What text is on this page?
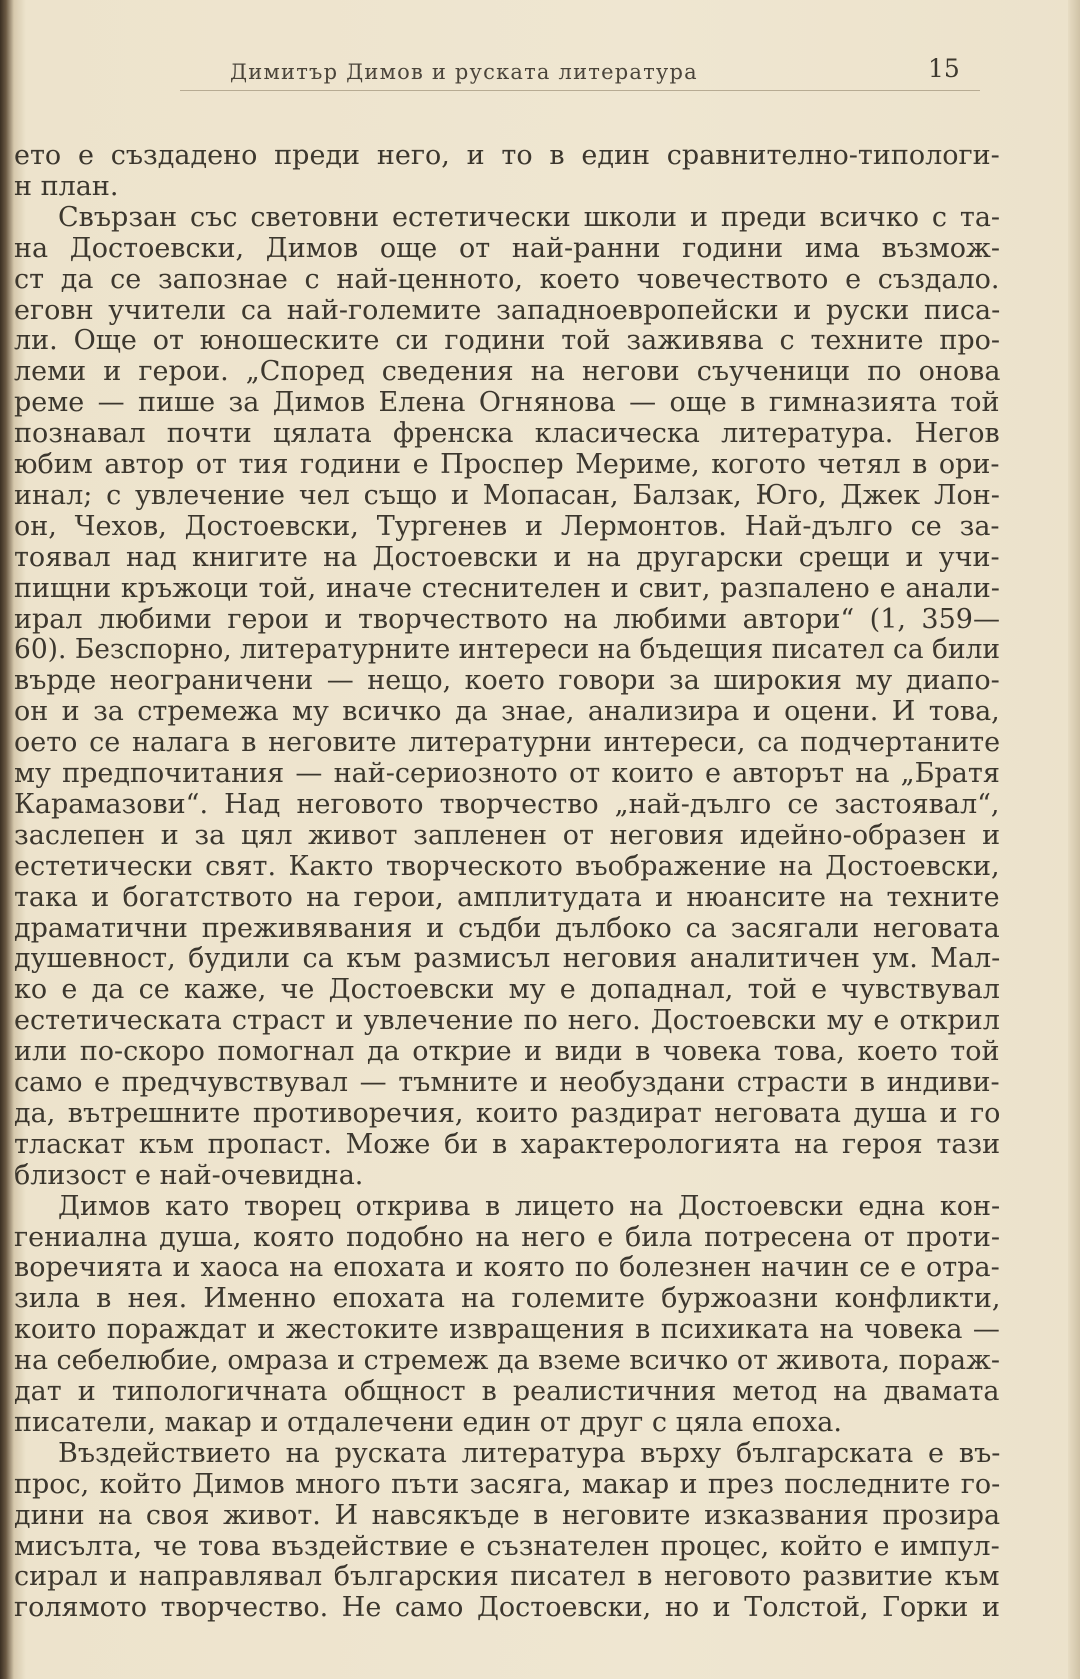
Димитър Димов и руската литература	15
ето е създадено преди него, и то в един сравнително-типологи-
н план.
Свързан със световни естетически школи и преди всичко с та-
на Достоевски, Димов още от най-ранни години има възмож-
ст да се запознае с най-ценното, което човечеството е създало.
еговн учители са най-големите западноевропейски и руски писа-
ли. Още от юношеските си години той заживява с техните про-
леми и герои. „Според сведения на негови съученици по онова
реме — пише за Димов Елена Огнянова — още в гимназията той
познавал почти цялата френска класическа литература. Негов
юбим автор от тия години е Проспер Мериме, когото четял в ори-
инал; с увлечение чел също и Мопасан, Балзак, Юго, Джек Лон-
он, Чехов, Достоевски, Тургенев и Лермонтов. Най-дълго се за-
тоявал над книгите на Достоевски и на другарски срещи и учи-
пищни кръжоци той, иначе стеснителен и свит, разпалено е анали-
ирал любими герои и творчеството на любими автори“ (1, 359—
60). Безспорно, литературните интереси на бъдещия писател са били
върде неограничени — нещо, което говори за широкия му диапо-
он и за стремежа му всичко да знае, анализира и оцени. И това,
оето се налага в неговите литературни интереси, са подчертаните
му предпочитания — най-сериозното от които е авторът на „Братя
Карамазови“. Над неговото творчество „най-дълго се застоявал“,
заслепен и за цял живот запленен от неговия идейно-образен и
естетически свят. Както творческото въображение на Достоевски,
така и богатството на герои, амплитудата и нюансите на техните
драматични преживявания и съдби дълбоко са засягали неговата
душевност, будили са към размисъл неговия аналитичен ум. Мал-
ко е да се каже, че Достоевски му е допаднал, той е чувствувал
естетическата страст и увлечение по него. Достоевски му е открил
или по-скоро помогнал да открие и види в човека това, което той
само е предчувствувал — тъмните и необуздани страсти в индиви-
да, вътрешните противоречия, които раздират неговата душа и го
тласкат към пропаст. Може би в характерологията на героя тази
близост е най-очевидна.
Димов като творец открива в лицето на Достоевски една кон-
гениална душа, която подобно на него е била потресена от проти-
воречията и хаоса на епохата и която по болезнен начин се е отра-
зила в нея. Именно епохата на големите буржоазни конфликти,
които пораждат и жестоките извращения в психиката на човека —
на себелюбие, омраза и стремеж да вземе всичко от живота, пораж-
дат и типологичната общност в реалистичния метод на двамата
писатели, макар и отдалечени един от друг с цяла епоха.
Въздействието на руската литература върху българската е въ-
прос, който Димов много пъти засяга, макар и през последните го-
дини на своя живот. И навсякъде в неговите изказвания прозира
мисълта, че това въздействие е съзнателен процес, който е импул-
сирал и направлявал българския писател в неговото развитие към
голямото творчество. Не само Достоевски, но и Толстой, Горки и
